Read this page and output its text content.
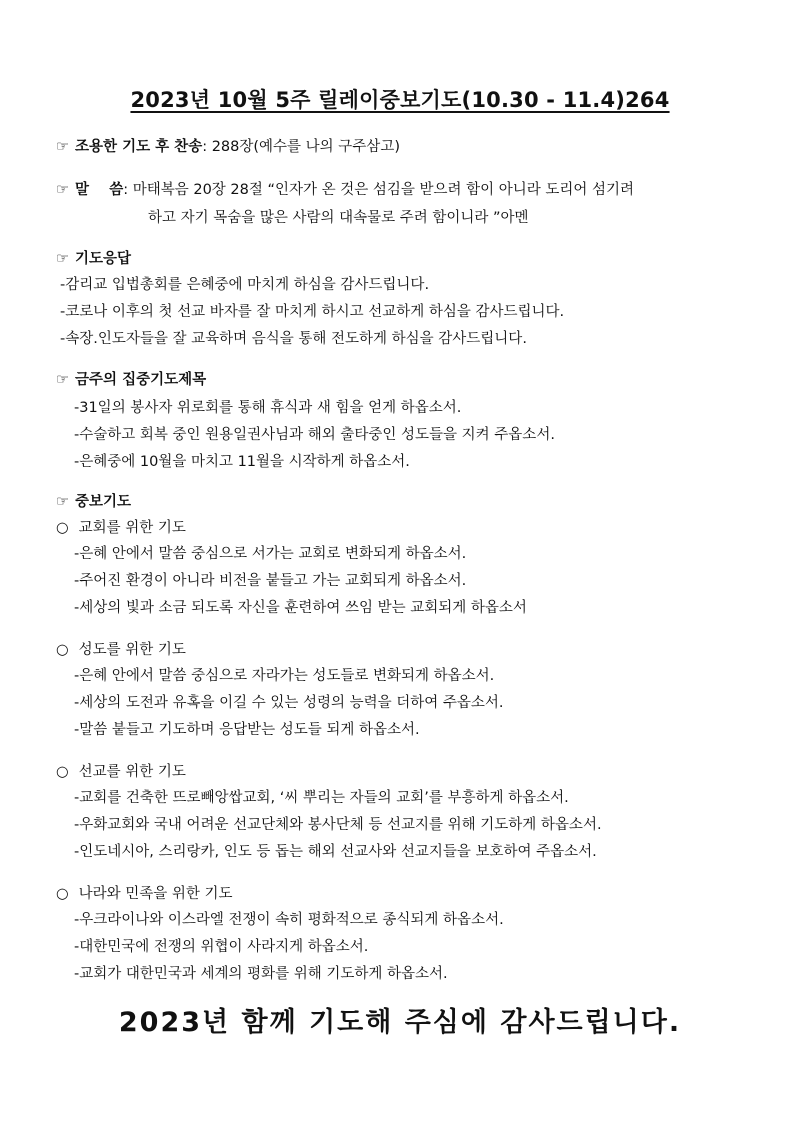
2023년 10월 5주 릴레이중보기도(10.30 - 11.4)264
☞ 조용한 기도 후 찬송: 288장(예수를 나의 구주삼고)
☞ 말    씀: 마태복음 20장 28절 “인자가 온 것은 섬김을 받으려 함이 아니라 도리어 섬기려
하고 자기 목숨을 많은 사람의 대속물로 주려 함이니라 ”아멘
☞ 기도응답
-감리교 입법총회를 은혜중에 마치게 하심을 감사드립니다.
-코로나 이후의 첫 선교 바자를 잘 마치게 하시고 선교하게 하심을 감사드립니다.
-속장.인도자들을 잘 교육하며 음식을 통해 전도하게 하심을 감사드립니다.
☞ 금주의 집중기도제목
-31일의 봉사자 위로회를 통해 휴식과 새 힘을 얻게 하옵소서.
-수술하고 회복 중인 원용일권사님과 해외 출타중인 성도들을 지켜 주옵소서.
-은혜중에 10월을 마치고 11월을 시작하게 하옵소서.
☞ 중보기도
○ 교회를 위한 기도
-은혜 안에서 말씀 중심으로 서가는 교회로 변화되게 하옵소서.
-주어진 환경이 아니라 비전을 붙들고 가는 교회되게 하옵소서.
-세상의 빛과 소금 되도록 자신을 훈련하여 쓰임 받는 교회되게 하옵소서
○ 성도를 위한 기도
-은혜 안에서 말씀 중심으로 자라가는 성도들로 변화되게 하옵소서.
-세상의 도전과 유혹을 이길 수 있는 성령의 능력을 더하여 주옵소서.
-말씀 붙들고 기도하며 응답받는 성도들 되게 하옵소서.
○ 선교를 위한 기도
-교회를 건축한 뜨로빼앙쌉교회, ‘씨 뿌리는 자들의 교회’를 부흥하게 하옵소서.
-우화교회와 국내 어려운 선교단체와 봉사단체 등 선교지를 위해 기도하게 하옵소서.
-인도네시아, 스리랑카, 인도 등 돕는 해외 선교사와 선교지들을 보호하여 주옵소서.
○ 나라와 민족을 위한 기도
-우크라이나와 이스라엘 전쟁이 속히 평화적으로 종식되게 하옵소서.
-대한민국에 전쟁의 위협이 사라지게 하옵소서.
-교회가 대한민국과 세계의 평화를 위해 기도하게 하옵소서.
2023년 함께 기도해 주심에 감사드립니다.
